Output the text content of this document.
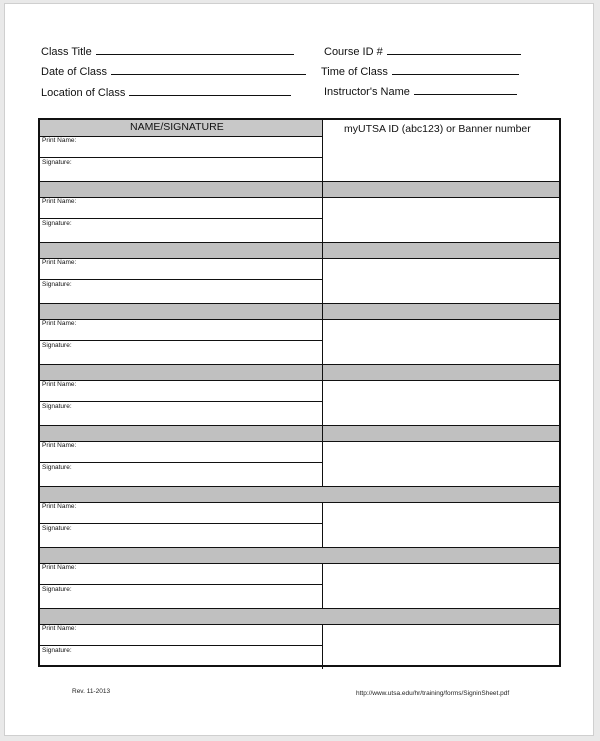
Class Title
Date of Class
Location of Class
Course ID #
Time of Class
Instructor's Name
NAME/SIGNATURE	myUTSA ID (abc123) or Banner number
Print Name:
Signature:
Print Name:
Signature:
Print Name:
Signature:
Print Name:
Signature:
Print Name:
Signature:
Print Name:
Signature:
Print Name:
Signature:
Print Name:
Signature:
Print Name:
Signature:
Rev. 11-2013	http://www.utsa.edu/hr/training/forms/SigninSheet.pdf
